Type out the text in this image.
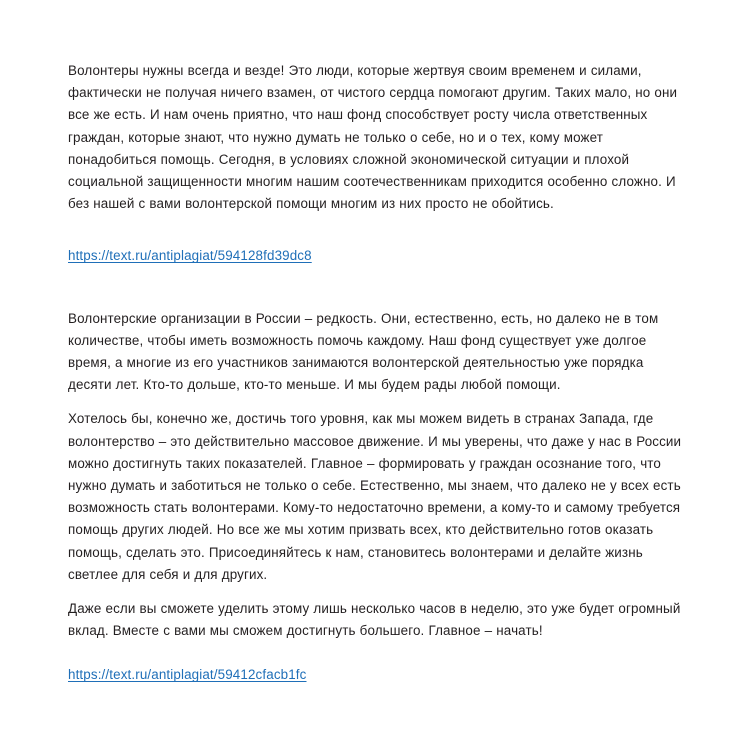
Волонтеры нужны всегда и везде! Это люди, которые жертвуя своим временем и силами, фактически не получая ничего взамен, от чистого сердца помогают другим. Таких мало, но они все же есть. И нам очень приятно, что наш фонд способствует росту числа ответственных граждан, которые знают, что нужно думать не только о себе, но и о тех, кому может понадобиться помощь. Сегодня, в условиях сложной экономической ситуации и плохой социальной защищенности многим нашим соотечественникам приходится особенно сложно. И без нашей с вами волонтерской помощи многим из них просто не обойтись.

https://text.ru/antiplagiat/594128fd39dc8

Волонтерские организации в России – редкость. Они, естественно, есть, но далеко не в том количестве, чтобы иметь возможность помочь каждому. Наш фонд существует уже долгое время, а многие из его участников занимаются волонтерской деятельностью уже порядка десяти лет. Кто-то дольше, кто-то меньше. И мы будем рады любой помощи.

Хотелось бы, конечно же, достичь того уровня, как мы можем видеть в странах Запада, где волонтерство – это действительно массовое движение. И мы уверены, что даже у нас в России можно достигнуть таких показателей. Главное – формировать у граждан осознание того, что нужно думать и заботиться не только о себе. Естественно, мы знаем, что далеко не у всех есть возможность стать волонтерами. Кому-то недостаточно времени, а кому-то и самому требуется помощь других людей. Но все же мы хотим призвать всех, кто действительно готов оказать помощь, сделать это. Присоединяйтесь к нам, становитесь волонтерами и делайте жизнь светлее для себя и для других.

Даже если вы сможете уделить этому лишь несколько часов в неделю, это уже будет огромный вклад. Вместе с вами мы сможем достигнуть большего. Главное – начать!

https://text.ru/antiplagiat/59412cfacb1fc
